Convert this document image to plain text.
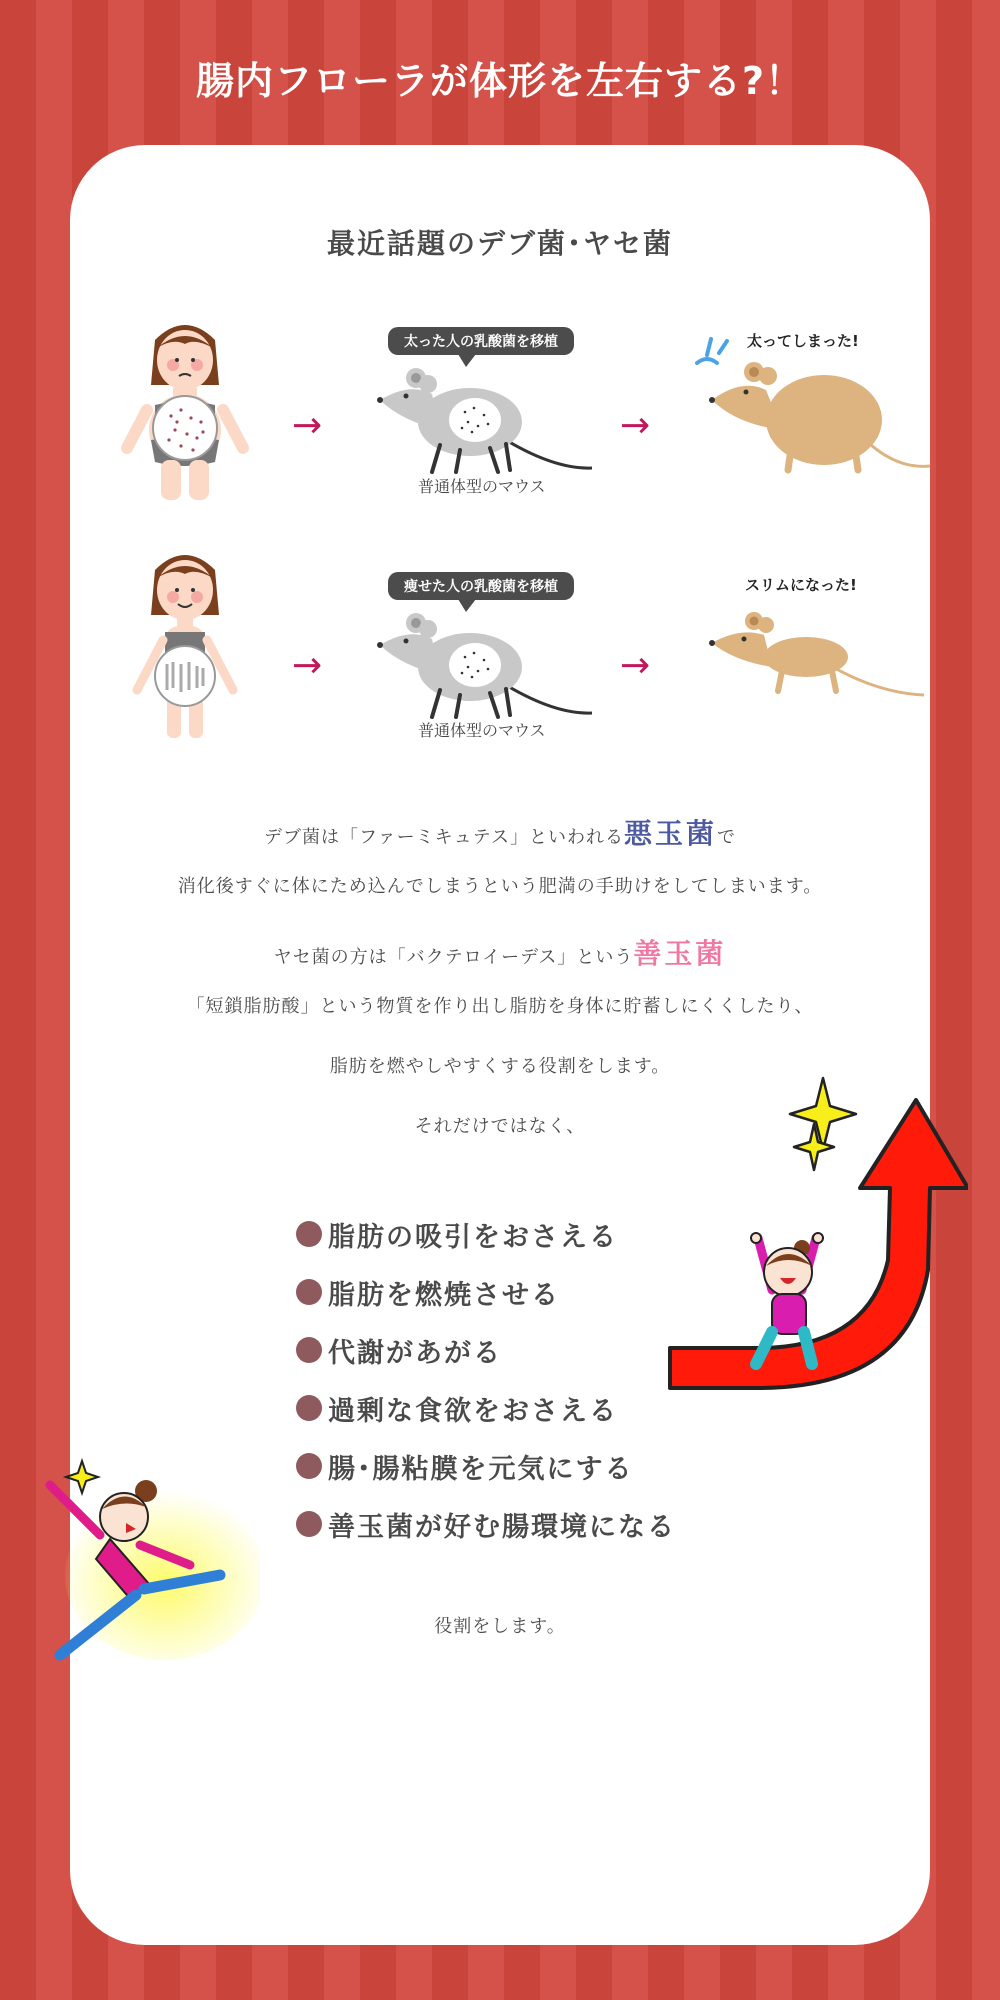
腸内フローラが体形を左右する?！
最近話題のデブ菌･ヤセ菌
→
太った人の乳酸菌を移植
普通体型のマウス
→
太ってしまった!
→
痩せた人の乳酸菌を移植
普通体型のマウス
→
スリムになった!
デブ菌は「ファーミキュテス」といわれる悪玉菌で
消化後すぐに体にため込んでしまうという肥満の手助けをしてしまいます。
ヤセ菌の方は「バクテロイーデス」という善玉菌
「短鎖脂肪酸」という物質を作り出し脂肪を身体に貯蓄しにくくしたり、
脂肪を燃やしやすくする役割をします。
それだけではなく、
脂肪の吸引をおさえる
脂肪を燃焼させる
代謝があがる
過剰な食欲をおさえる
腸･腸粘膜を元気にする
善玉菌が好む腸環境になる
役割をします。
